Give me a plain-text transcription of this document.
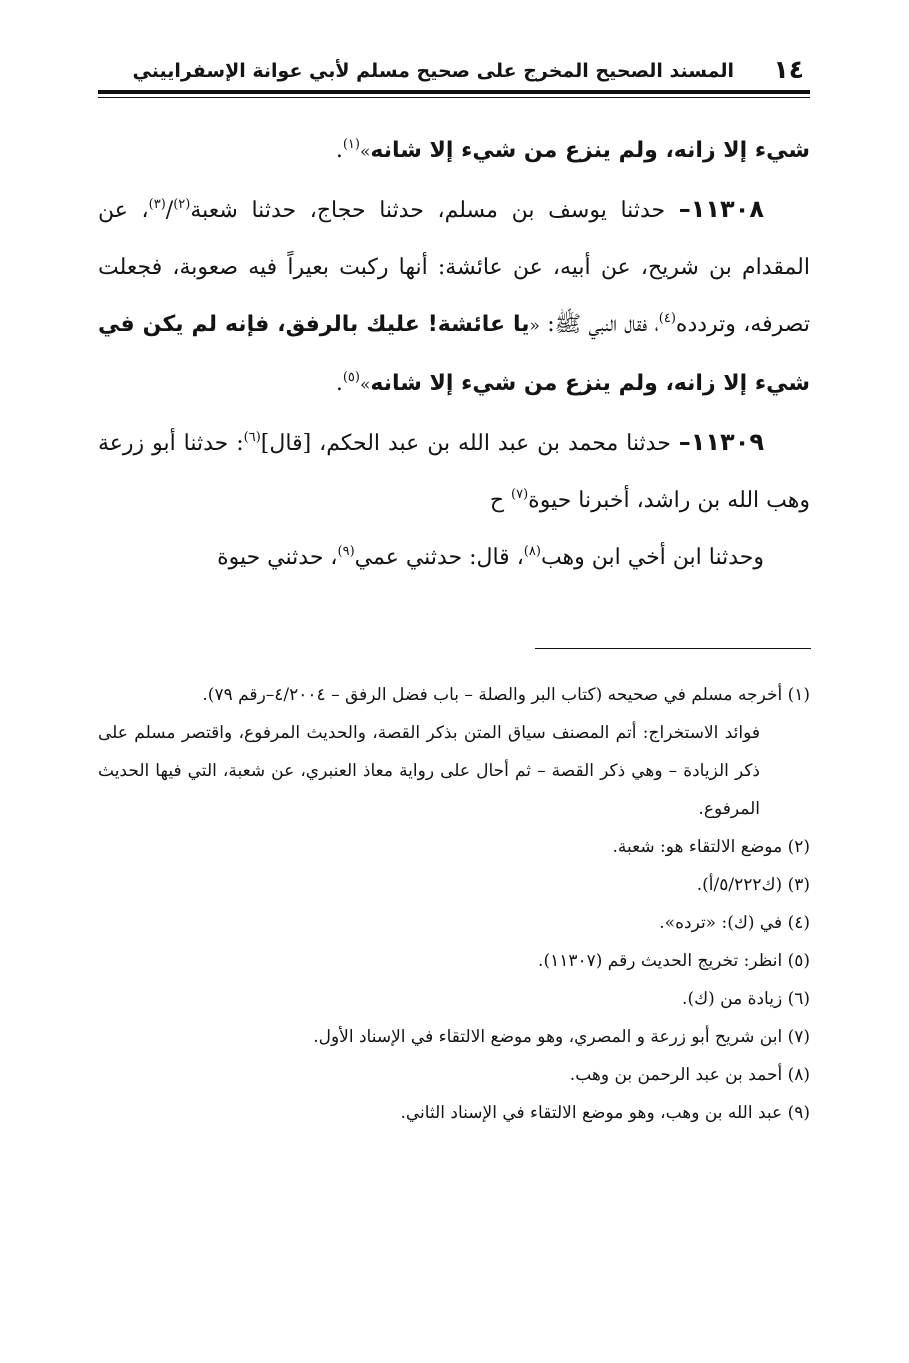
١٤
المسند الصحيح المخرج على صحيح مسلم لأبي عوانة الإسفراييني

شيء إلا زانه، ولم ينزع من شيء إلا شانه»$^{(١)}$.

١١٣٠٨– حدثنا يوسف بن مسلم، حدثنا حجاج، حدثنا شعبة$^{(٢)}$/$^{(٣)}$، عن المقدام بن شريح، عن أبيه، عن عائشة: أنها ركبت بعيراً فيه صعوبة، فجعلت تصرفه، وتردده$^{(٤)}$، فقال النبي ﷺ: «يا عائشة! عليك بالرفق، فإنه لم يكن في شيء إلا زانه، ولم ينزع من شيء إلا شانه»$^{(٥)}$.

١١٣٠٩– حدثنا محمد بن عبد الله بن عبد الحكم، [قال]$^{(٦)}$: حدثنا أبو زرعة وهب الله بن راشد، أخبرنا حيوة$^{(٧)}$ ح

وحدثنا ابن أخي ابن وهب$^{(٨)}$، قال: حدثني عمي$^{(٩)}$، حدثني حيوة

(١) أخرجه مسلم في صحيحه (كتاب البر والصلة – باب فضل الرفق – ٤/٢٠٠٤–رقم ٧٩).

فوائد الاستخراج: أتم المصنف سياق المتن بذكر القصة، والحديث المرفوع، واقتصر مسلم على ذكر الزيادة – وهي ذكر القصة – ثم أحال على رواية معاذ العنبري، عن شعبة، التي فيها الحديث المرفوع.

(٢) موضع الالتقاء هو: شعبة.

(٣) (ك٥/٢٢٢/أ).

(٤) في (ك): «ترده».

(٥) انظر: تخريج الحديث رقم (١١٣٠٧).

(٦) زيادة من (ك).

(٧) ابن شريح أبو زرعة و المصري، وهو موضع الالتقاء في الإسناد الأول.

(٨) أحمد بن عبد الرحمن بن وهب.

(٩) عبد الله بن وهب، وهو موضع الالتقاء في الإسناد الثاني.
